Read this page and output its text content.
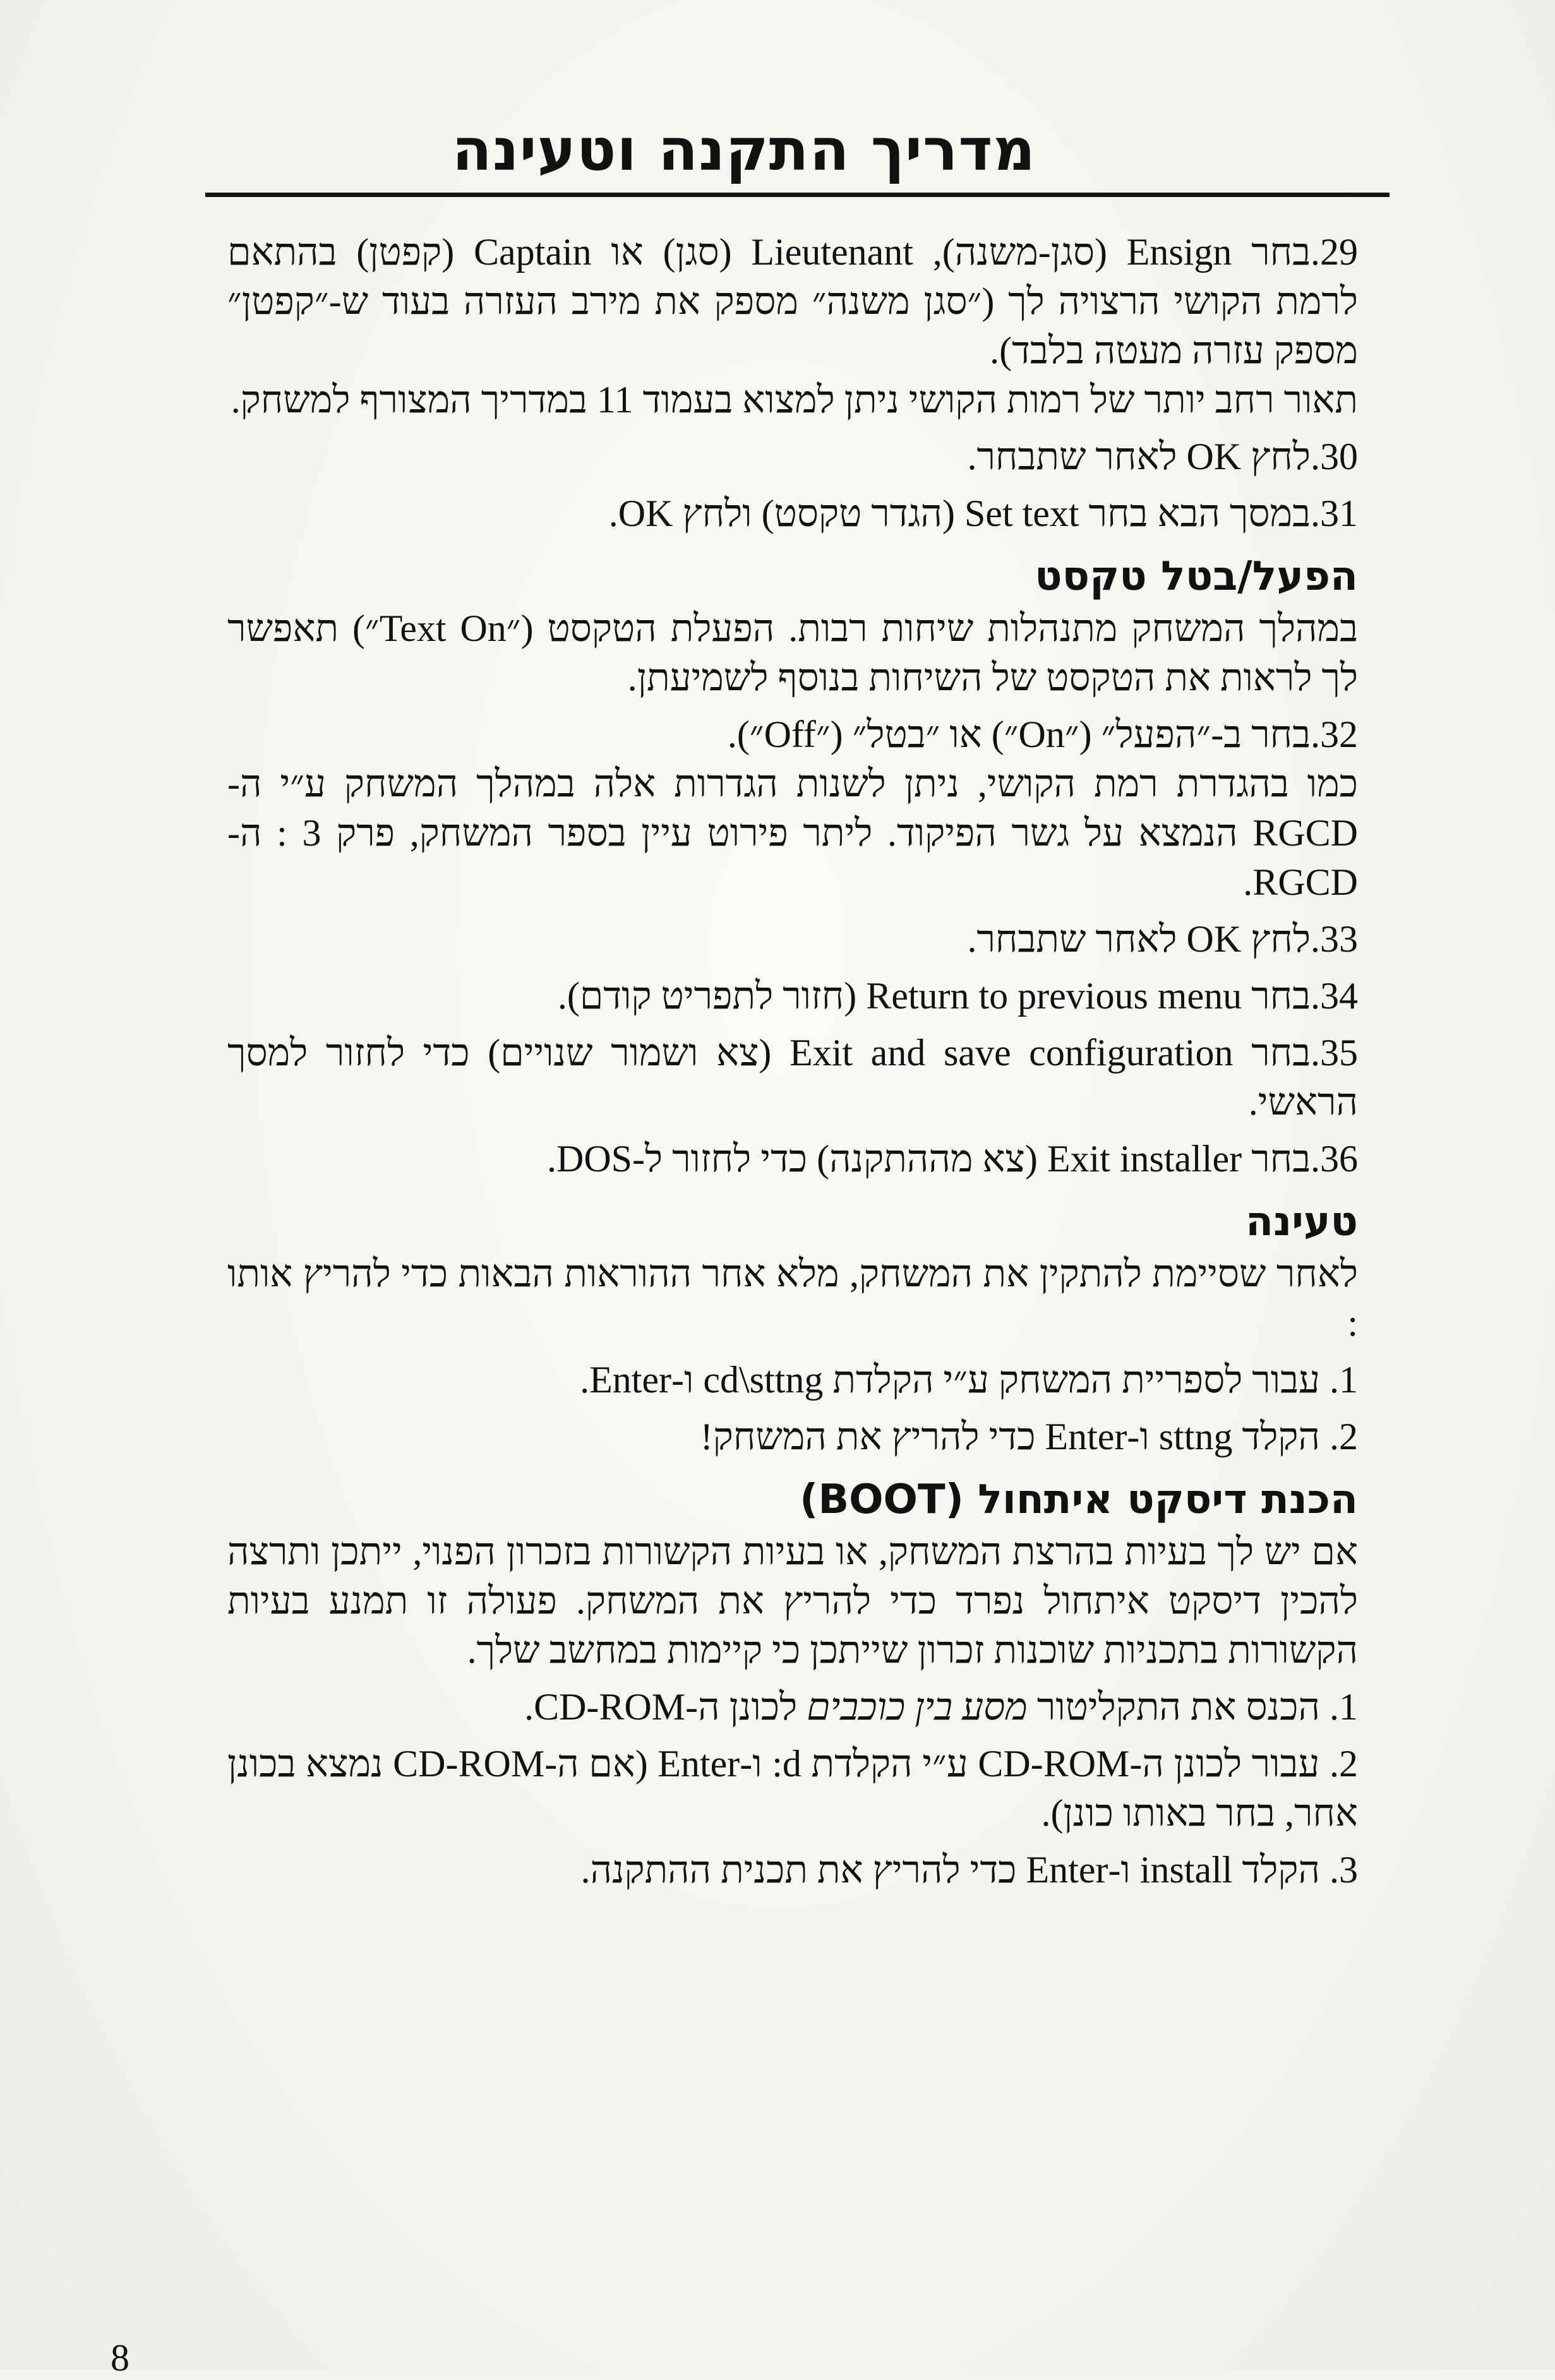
מדריך התקנה וטעינה

29.בחר Ensign (סגן-משנה), Lieutenant (סגן) או Captain (קפטן) בהתאם לרמת הקושי הרצויה לך (״סגן משנה״ מספק את מירב העזרה בעוד ש-״קפטן״ מספק עזרה מעטה בלבד).

תאור רחב יותר של רמות הקושי ניתן למצוא בעמוד 11 במדריך המצורף למשחק.

30.לחץ OK לאחר שתבחר.

31.במסך הבא בחר Set text (הגדר טקסט) ולחץ OK.

הפעל/בטל טקסט

במהלך המשחק מתנהלות שיחות רבות. הפעלת הטקסט (״Text On״) תאפשר לך לראות את הטקסט של השיחות בנוסף לשמיעתן.

32.בחר ב-״הפעל״ (״On״) או ״בטל״ (״Off״).

כמו בהגדרת רמת הקושי, ניתן לשנות הגדרות אלה במהלך המשחק ע״י ה-RGCD הנמצא על גשר הפיקוד. ליתר פירוט עיין בספר המשחק, פרק 3 : ה-RGCD.

33.לחץ OK לאחר שתבחר.

34.בחר Return to previous menu (חזור לתפריט קודם).

35.בחר Exit and save configuration (צא ושמור שנויים) כדי לחזור למסך הראשי.

36.בחר Exit installer (צא מההתקנה) כדי לחזור ל-DOS.

טעינה

לאחר שסיימת להתקין את המשחק, מלא אחר ההוראות הבאות כדי להריץ אותו :

1. עבור לספריית המשחק ע״י הקלדת cd\sttng ו-Enter.

2. הקלד sttng ו-Enter כדי להריץ את המשחק!

הכנת דיסקט איתחול (BOOT)

אם יש לך בעיות בהרצת המשחק, או בעיות הקשורות בזכרון הפנוי, ייתכן ותרצה להכין דיסקט איתחול נפרד כדי להריץ את המשחק. פעולה זו תמנע בעיות הקשורות בתכניות שוכנות זכרון שייתכן כי קיימות במחשב שלך.

1. הכנס את התקליטור מסע בין כוכבים לכונן ה-CD-ROM.

2. עבור לכונן ה-CD-ROM ע״י הקלדת d: ו-Enter (אם ה-CD-ROM נמצא בכונן אחר, בחר באותו כונן).

3. הקלד install ו-Enter כדי להריץ את תכנית ההתקנה.

8
